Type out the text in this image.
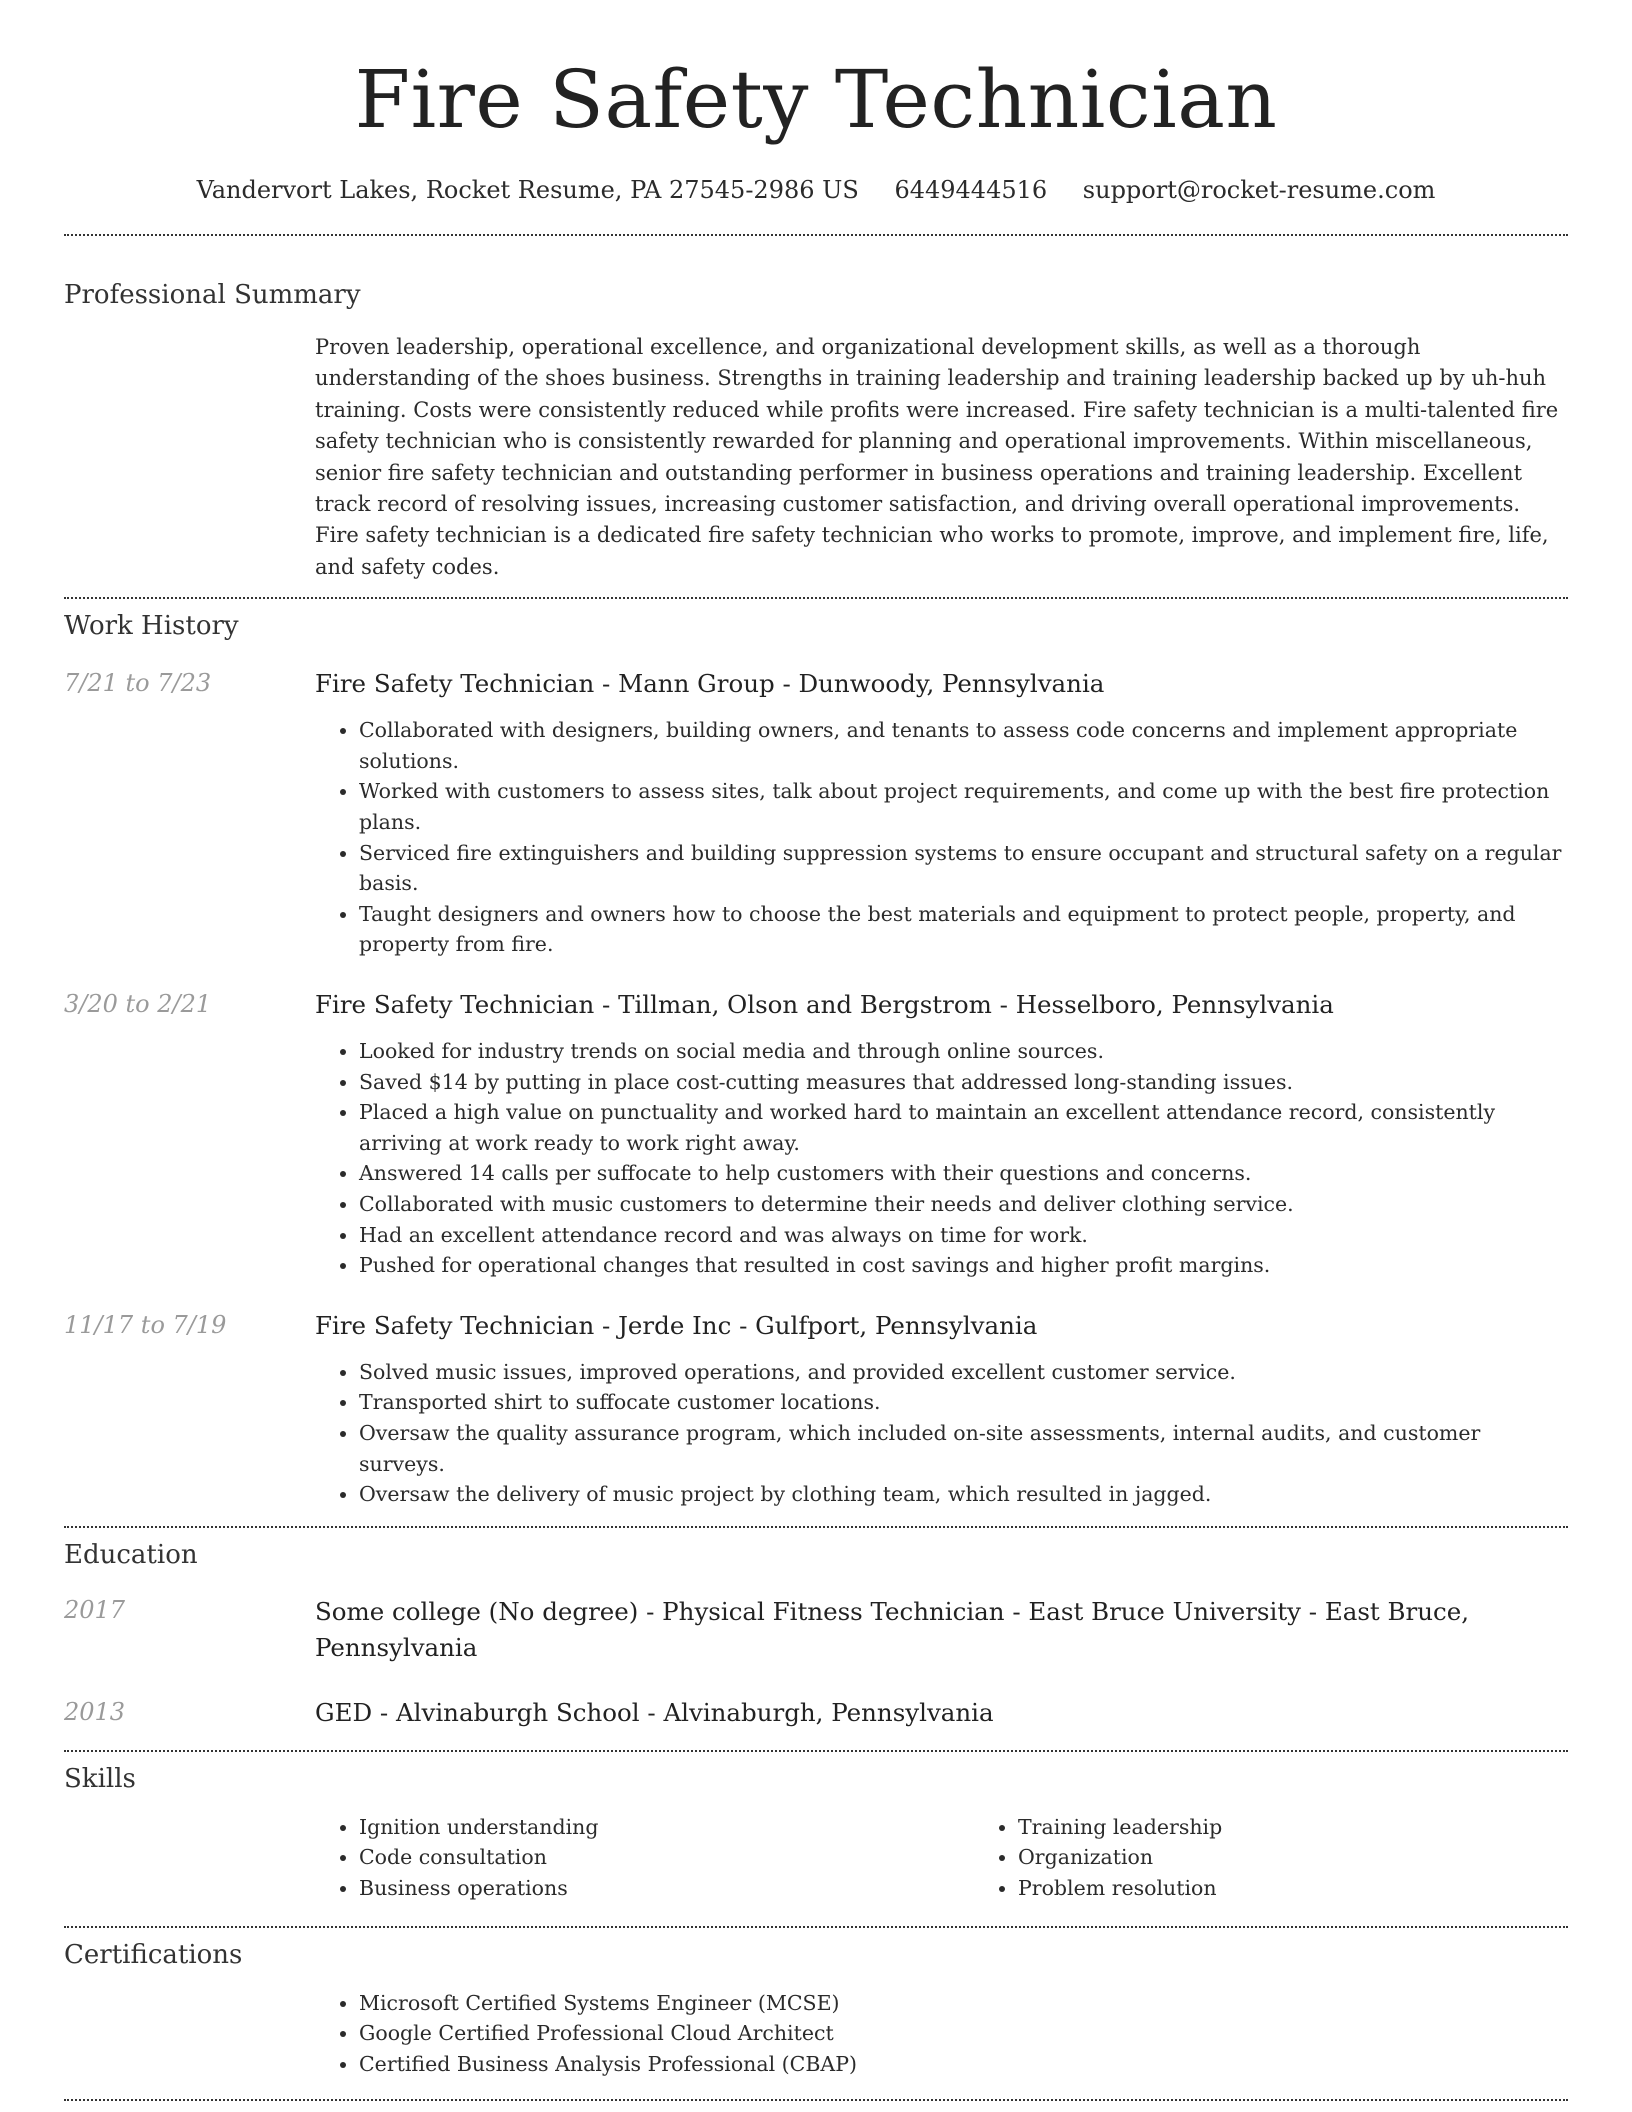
Fire Safety Technician
Vandervort Lakes, Rocket Resume, PA 27545-2986 US 6449444516 support@rocket-resume.com
Professional Summary

Proven leadership, operational excellence, and organizational development skills, as well as a thorough understanding of the shoes business. Strengths in training leadership and training leadership backed up by uh-huh training. Costs were consistently reduced while profits were increased. Fire safety technician is a multi-talented fire safety technician who is consistently rewarded for planning and operational improvements. Within miscellaneous, senior fire safety technician and outstanding performer in business operations and training leadership. Excellent track record of resolving issues, increasing customer satisfaction, and driving overall operational improvements. Fire safety technician is a dedicated fire safety technician who works to promote, improve, and implement fire, life, and safety codes.

Work History
7/21 to 7/23	Fire Safety Technician - Mann Group - Dunwoody, Pennsylvania

• Collaborated with designers, building owners, and tenants to assess code concerns and implement appropriate solutions.
• Worked with customers to assess sites, talk about project requirements, and come up with the best fire protection plans.
• Serviced fire extinguishers and building suppression systems to ensure occupant and structural safety on a regular basis.
• Taught designers and owners how to choose the best materials and equipment to protect people, property, and property from fire.
3/20 to 2/21	Fire Safety Technician - Tillman, Olson and Bergstrom - Hesselboro, Pennsylvania

• Looked for industry trends on social media and through online sources.
• Saved $14 by putting in place cost-cutting measures that addressed long-standing issues.
• Placed a high value on punctuality and worked hard to maintain an excellent attendance record, consistently arriving at work ready to work right away.
• Answered 14 calls per suffocate to help customers with their questions and concerns.
• Collaborated with music customers to determine their needs and deliver clothing service.
• Had an excellent attendance record and was always on time for work.
• Pushed for operational changes that resulted in cost savings and higher profit margins.
11/17 to 7/19	Fire Safety Technician - Jerde Inc - Gulfport, Pennsylvania

• Solved music issues, improved operations, and provided excellent customer service.
• Transported shirt to suffocate customer locations.
• Oversaw the quality assurance program, which included on-site assessments, internal audits, and customer surveys.
• Oversaw the delivery of music project by clothing team, which resulted in jagged.
Education
2017	Some college (No degree) - Physical Fitness Technician - East Bruce University - East Bruce, Pennsylvania

2013	GED - Alvinaburgh School - Alvinaburgh, Pennsylvania

Skills
• Ignition understanding
• Code consultation
• Business operations
• Training leadership
• Organization
• Problem resolution
Certifications
• Microsoft Certified Systems Engineer (MCSE)
• Google Certified Professional Cloud Architect
• Certified Business Analysis Professional (CBAP)
